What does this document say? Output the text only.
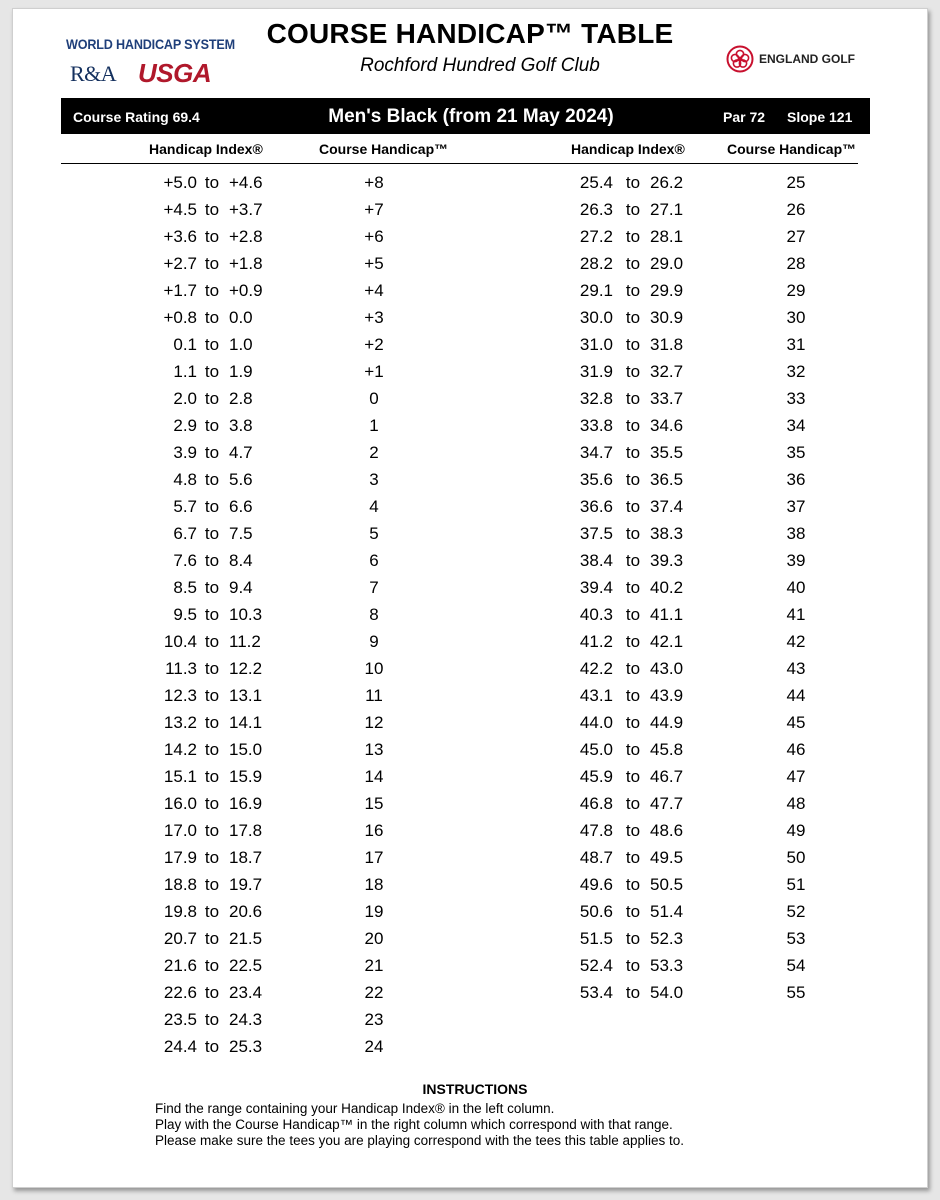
WORLD HANDICAP SYSTEM
R&A USGA
COURSE HANDICAP™ TABLE
Rochford Hundred Golf Club	ENGLAND GOLF
Course Rating 69.4	Men's Black (from 21 May 2024)	Par 72 Slope 121
Handicap Index®	Course Handicap™	Handicap Index®	Course Handicap™
+5.0 to +4.6	+8
+4.5 to +3.7	+7
+3.6 to +2.8	+6
+2.7 to +1.8	+5
+1.7 to +0.9	+4
+0.8 to 0.0	+3
0.1 to 1.0	+2
1.1 to 1.9	+1
2.0 to 2.8	0
2.9 to 3.8	1
3.9 to 4.7	2
4.8 to 5.6	3
5.7 to 6.6	4
6.7 to 7.5	5
7.6 to 8.4	6
8.5 to 9.4	7
9.5 to 10.3	8
10.4 to 11.2	9
11.3 to 12.2	10
12.3 to 13.1	11
13.2 to 14.1	12
14.2 to 15.0	13
15.1 to 15.9	14
16.0 to 16.9	15
17.0 to 17.8	16
17.9 to 18.7	17
18.8 to 19.7	18
19.8 to 20.6	19
20.7 to 21.5	20
21.6 to 22.5	21
22.6 to 23.4	22
23.5 to 24.3	23
24.4 to 25.3	24
25.4 to 26.2	25
26.3 to 27.1	26
27.2 to 28.1	27
28.2 to 29.0	28
29.1 to 29.9	29
30.0 to 30.9	30
31.0 to 31.8	31
31.9 to 32.7	32
32.8 to 33.7	33
33.8 to 34.6	34
34.7 to 35.5	35
35.6 to 36.5	36
36.6 to 37.4	37
37.5 to 38.3	38
38.4 to 39.3	39
39.4 to 40.2	40
40.3 to 41.1	41
41.2 to 42.1	42
42.2 to 43.0	43
43.1 to 43.9	44
44.0 to 44.9	45
45.0 to 45.8	46
45.9 to 46.7	47
46.8 to 47.7	48
47.8 to 48.6	49
48.7 to 49.5	50
49.6 to 50.5	51
50.6 to 51.4	52
51.5 to 52.3	53
52.4 to 53.3	54
53.4 to 54.0	55
INSTRUCTIONS
Find the range containing your Handicap Index® in the left column.
Play with the Course Handicap™ in the right column which correspond with that range.
Please make sure the tees you are playing correspond with the tees this table applies to.
